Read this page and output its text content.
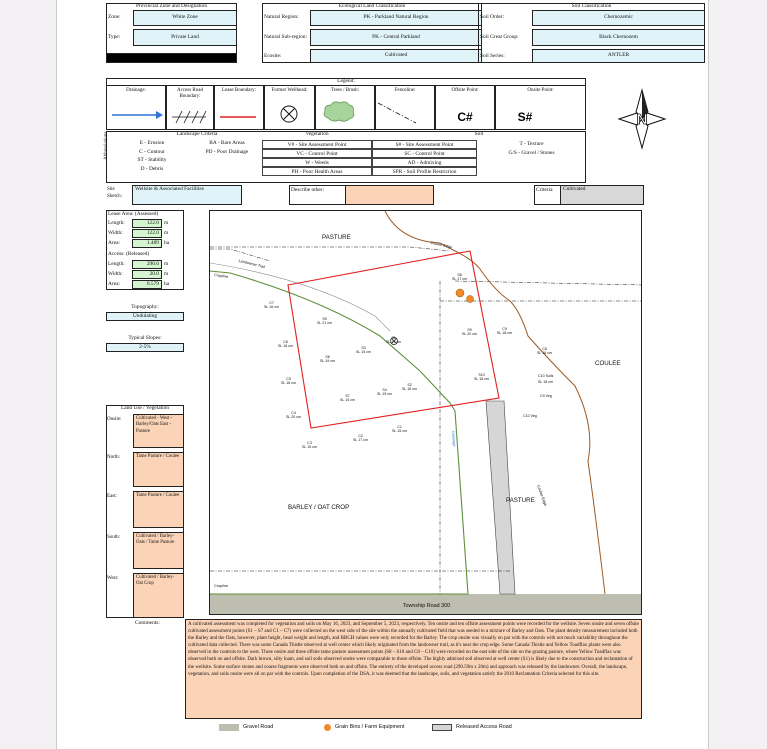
Provincial Zone and Designation
Zone:	White Zone
Type:	Private Land
Ecological Land Classification
Natural Region:	PK - Parkland Natural Region
Natural Sub-region:	PK - Central Parkland
Ecosite:	Cultivated
Soil Classification
Soil Order:	Chernozemic
Soil Great Group:	Black Chernozem
Soil Series:	ANTLER
Legend:
Drainage:	Access Road Boundary:
Lease Boundary:	Former Wellhead:	Trees / Brush:	Fenceline:	Offsite Point:	Onsite Point:
C#	S#	N
Abbreviations	Landscape Criteria
E - Erosion
C - Contour
ST - Stability
D - Debris
BA - Bare Areas
PD - Poor Drainage
Vegetation
V# - Site Assessment Point
VC - Control Point
W - Weeds
PH - Poor Health Areas
Soil
S# - Site Assessment Point
SC - Control Point
AD - Admixing
SPR - Soil Profile Restriction
T - Texture
G/S - Gravel / Stones
Site Sketch:
Wellsite & Associated Facilities	Describe other:	Criteria	Cultivated
Lease Area: (Assessed)
Length:	122.0 m
Width:	122.0 m
Area:	1.489 ha
Access: (Released)
Length:	290.6 m
Width:	20.0 m
Area:	0.579 ha
Topography:
Undulating
Typical Slopes:
2-5%
Land Use / Vegetation
Onsite:	Cultivated - West - Barley/Oats East - Pasture
North:	Tame Pasture / Coulee
East:	Tame Pasture / Coulee
South:	Cultivated / Barley-Oats / Tame Pasture
West:	Cultivated / Barley-Oat Crop
PASTURE
PASTURE
COULEE
BARLEY / OAT CROP
Coulee Edge
Coulee Edge
Landowner Trail
Cropline
Cropline
Drainage
Township Road 300
S1
SL 17 cm
S2
SL 16 cm
S3
SL 15 cm
S4
SL 19 cm
S5
SL 21 cm
S6
SL 19 cm
S7
SL 15 cm
S8
SL 17 cm
S9
SL 20 cm
S10
SL 18 cm
C1
SL 15 cm
C2
SL 17 cm
C3
SL 15 cm
C4
SL 20 cm
C5
SL 18 cm
C6
SL 16 cm
C7
SL 16 cm
C8
SL 16 cm
C9
SL 18 cm
C10 Soils
SL 18 cm
C9 Veg
C10 Veg
Comments:	A cultivated assessment was completed for vegetation and soils on May 16, 2023, and September 5, 2023, respectively. Ten onsite and ten offsite assessment points were recorded for the wellsite. Seven onsite and seven offsite cultivated assessment points (S1 – S7 and C1 – C7) were collected on the west side of the site within the annually cultivated field that was seeded to a mixture of Barley and Oats. The plant density measurement included both the Barley and the Oats, however, plant height, head weight and length, and BBCH values were only recorded for the Barley. The crop onsite was visually on par with the controls with not much variability throughout the cultivated data collected. There was some Canada Thistle observed at well center which likely originated from the landowner trail, as it's near the crop edge. Some Canada Thistle and Yellow Toadflax plants were also observed in the controls to the west. Three onsite and three offsite tame pasture assessment points (S8 – S10 and C8 – C10) were recorded on the east side of the site on the grazing pasture, where Yellow Toadflax was observed both on and offsite. Dark brown, silty loam, and soil soils observed onsite were comparable to those offsite. The highly admixed soil observed at well center (S1) is likely due to the construction and reclamation of the wellsite. Some surface stones and coarse fragments were observed both on and offsite. The entirety of the developed access road (290.59m x 20m) and approach was released by the landowner. Overall, the landscape, vegetation, and soils onsite were all on par with the controls. Upon completion of the DSA, it was deemed that the landscape, soils, and vegetation satisfy the 2010 Reclamation Criteria selected for this site.
Gravel Road	Grain Bins / Farm Equipment	Released Access Road
